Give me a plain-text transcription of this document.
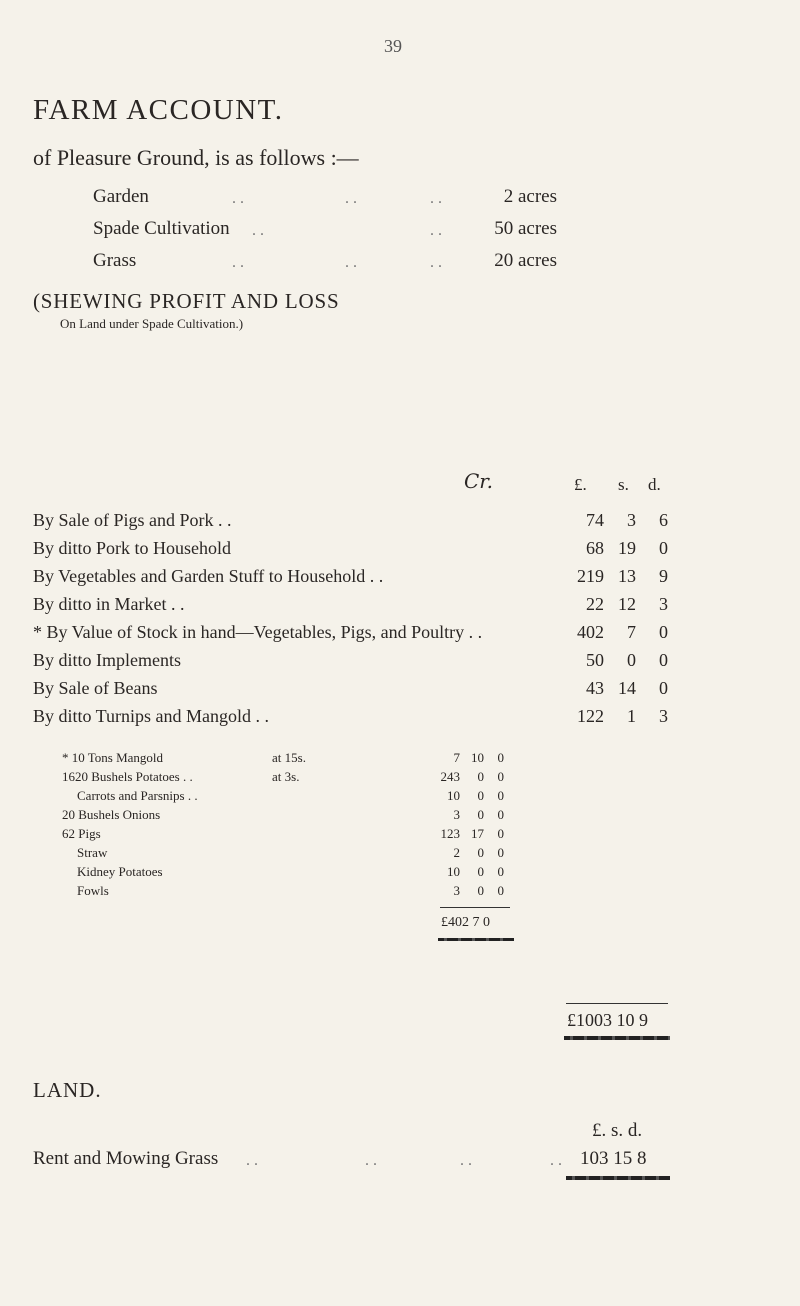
39
FARM ACCOUNT.
of Pleasure Ground, is as follows :—
Garden	. .	. .	. .	2 acres
Spade Cultivation . .	. .	50 acres
Grass	. .	. .	. .	20 acres
(SHEWING PROFIT AND LOSS
On Land under Spade Cultivation.)
Cr.	£. s. d.
By Sale of Pigs and Pork . .	74	3	6
By ditto Pork to Household	68 19	0
By Vegetables and Garden Stuff to Household . .	219 13	9
By ditto in Market . .	22 12	3
* By Value of Stock in hand—Vegetables, Pigs, and Poultry . .	402	7	0
By ditto Implements	50	0	0
By Sale of Beans	43 14	0
By ditto Turnips and Mangold . .	122	1	3
* 10 Tons Mangold	at 15s.	7 10	0
1620 Bushels Potatoes . .	at 3s.	243	0	0
Carrots and Parsnips . .	10	0	0
20 Bushels Onions	3	0	0
62 Pigs	123 17	0
Straw	2	0	0
Kidney Potatoes	10	0	0
Fowls	3	0	0
£402 7 0
£1003 10 9
LAND.
£. s. d.
Rent and Mowing Grass . .	. .	. .	. . 103 15 8
